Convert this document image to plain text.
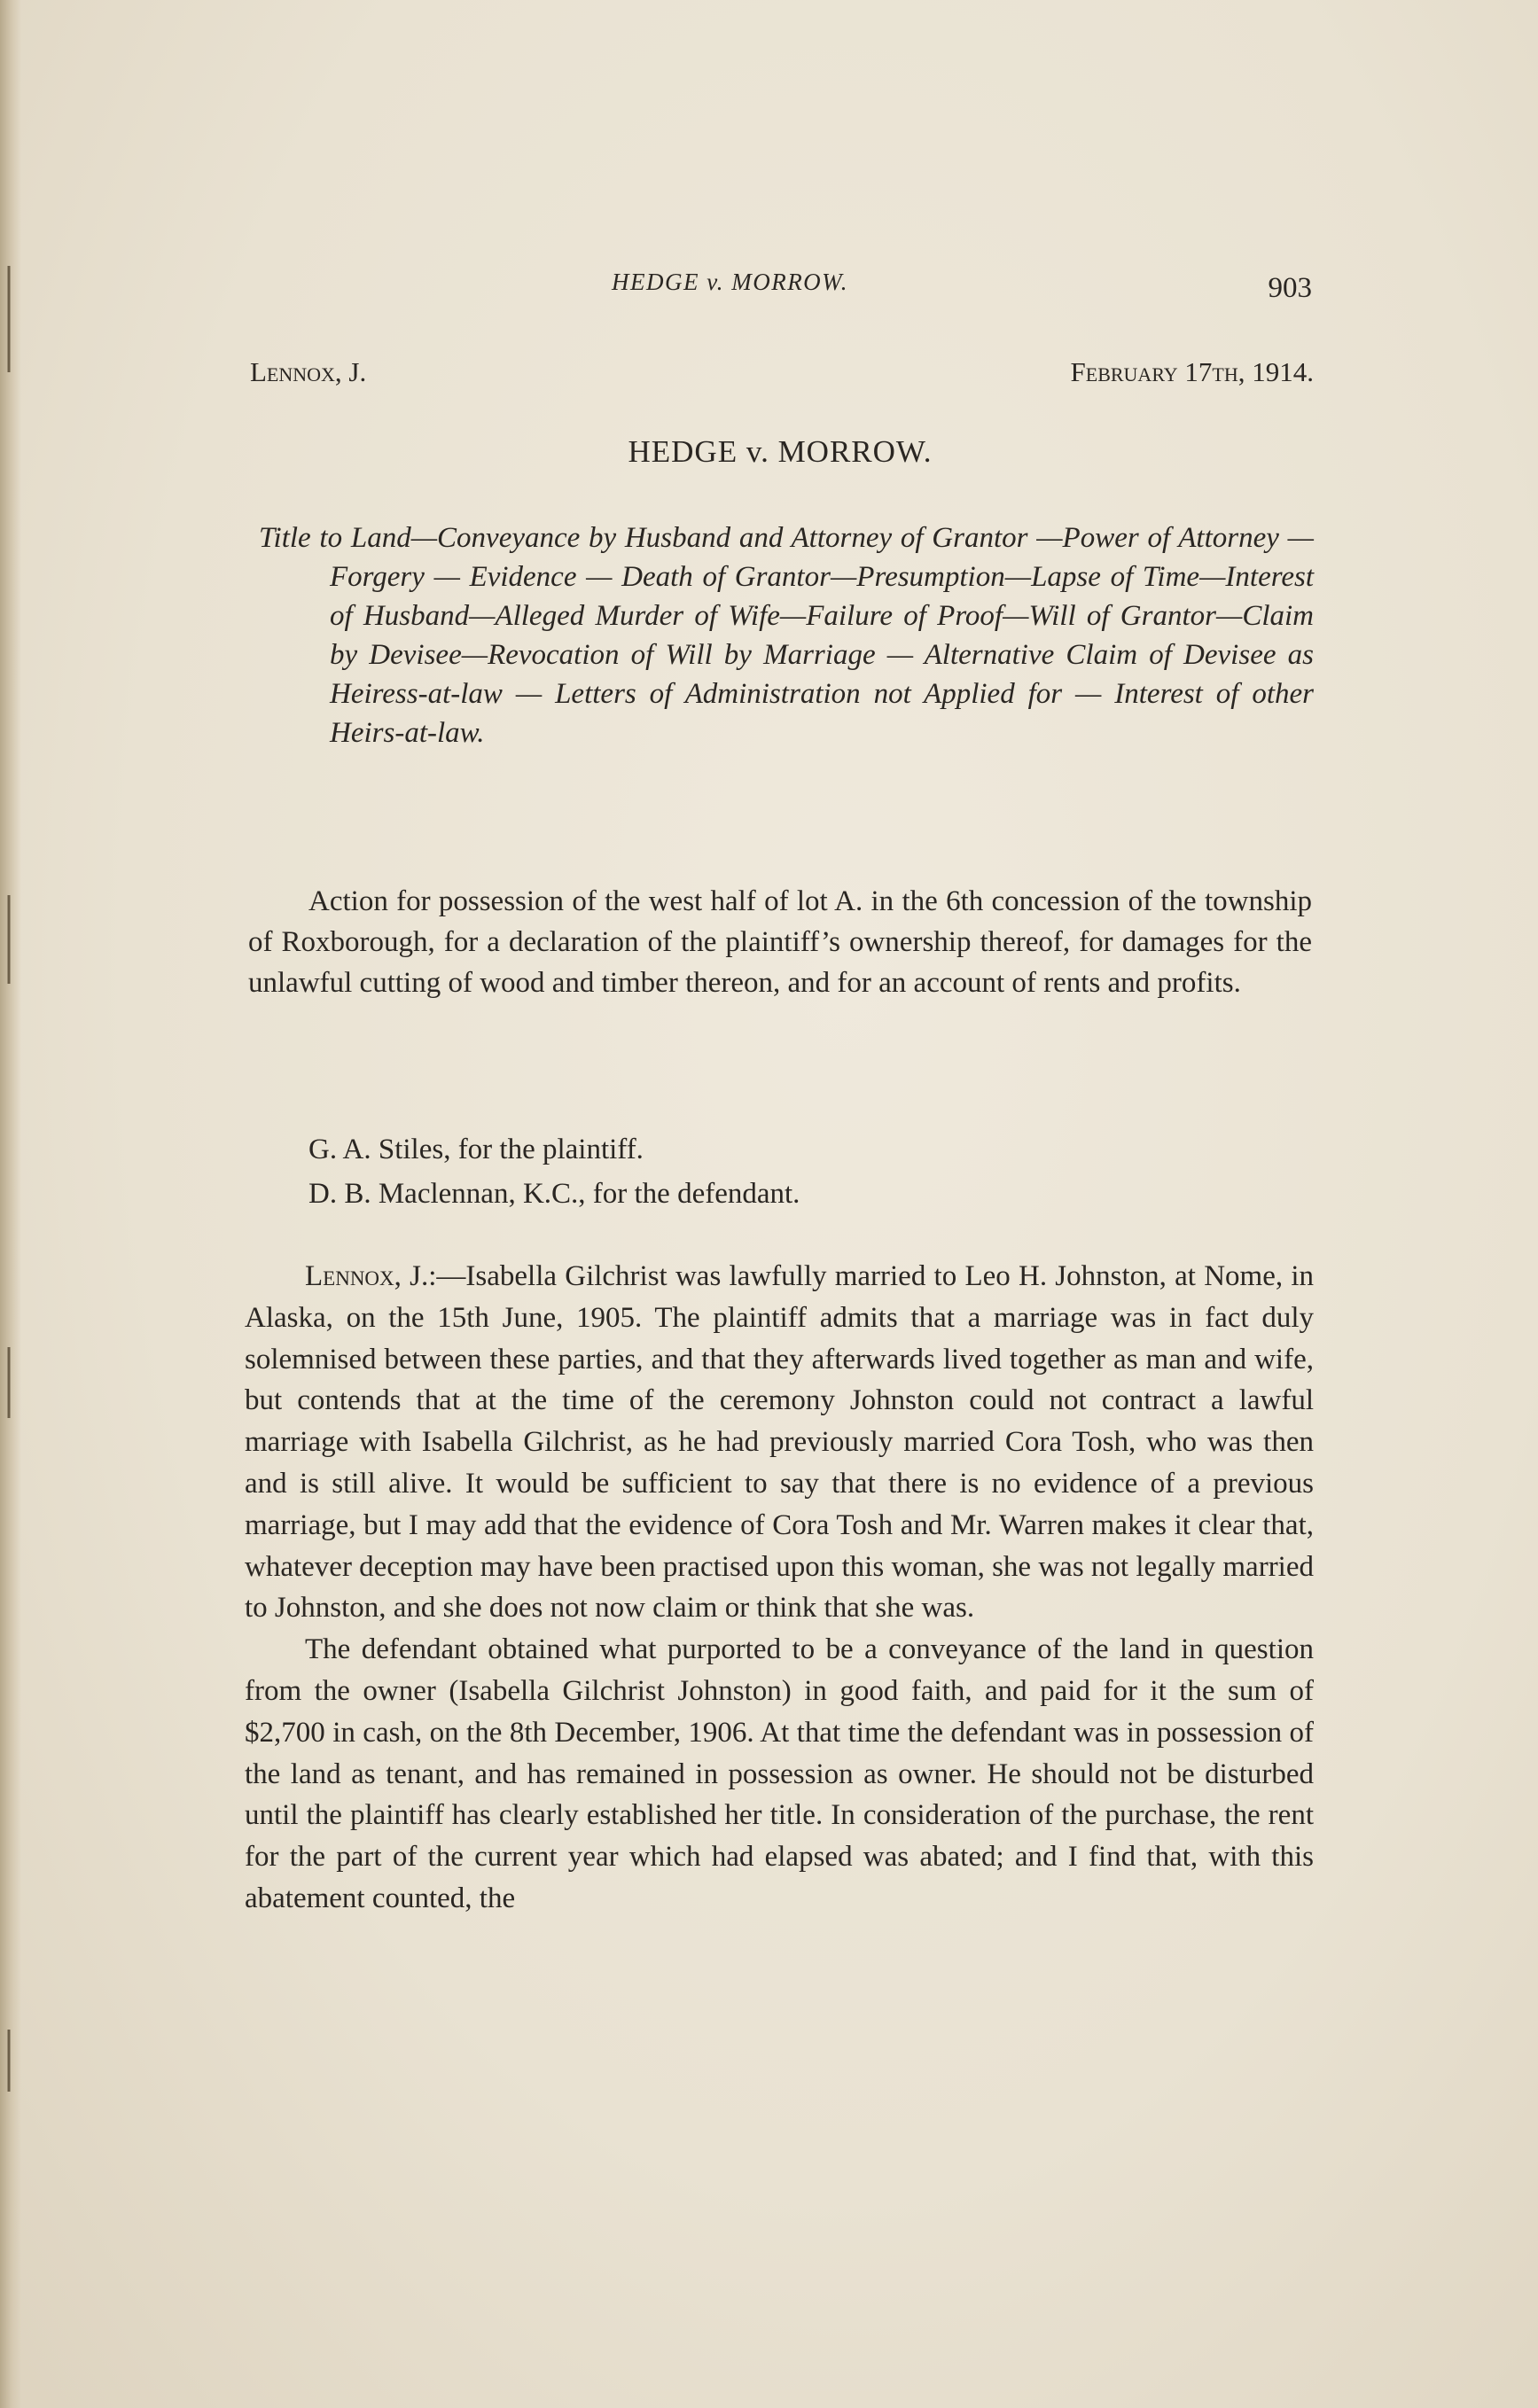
HEDGE v. MORROW.	903
Lennox, J.	February 17th, 1914.
HEDGE v. MORROW.
Title to Land—Conveyance by Husband and Attorney of Grantor —Power of Attorney — Forgery — Evidence — Death of Grantor—Presumption—Lapse of Time—Interest of Husband—Alleged Murder of Wife—Failure of Proof—Will of Grantor—Claim by Devisee—Revocation of Will by Marriage — Alternative Claim of Devisee as Heiress-at-law — Letters of Administration not Applied for — Interest of other Heirs-at-law.
Action for possession of the west half of lot A. in the 6th concession of the township of Roxborough, for a declaration of the plaintiff’s ownership thereof, for damages for the unlawful cutting of wood and timber thereon, and for an account of rents and profits.
G. A. Stiles, for the plaintiff.
D. B. Maclennan, K.C., for the defendant.

Lennox, J.:—Isabella Gilchrist was lawfully married to Leo H. Johnston, at Nome, in Alaska, on the 15th June, 1905. The plaintiff admits that a marriage was in fact duly solemnised between these parties, and that they afterwards lived together as man and wife, but contends that at the time of the ceremony Johnston could not contract a lawful marriage with Isabella Gilchrist, as he had previously married Cora Tosh, who was then and is still alive. It would be sufficient to say that there is no evidence of a previous marriage, but I may add that the evidence of Cora Tosh and Mr. Warren makes it clear that, whatever deception may have been practised upon this woman, she was not legally married to Johnston, and she does not now claim or think that she was.

The defendant obtained what purported to be a conveyance of the land in question from the owner (Isabella Gilchrist Johnston) in good faith, and paid for it the sum of $2,700 in cash, on the 8th December, 1906. At that time the defendant was in possession of the land as tenant, and has remained in possession as owner. He should not be disturbed until the plaintiff has clearly established her title. In consideration of the purchase, the rent for the part of the current year which had elapsed was abated; and I find that, with this abatement counted, the
